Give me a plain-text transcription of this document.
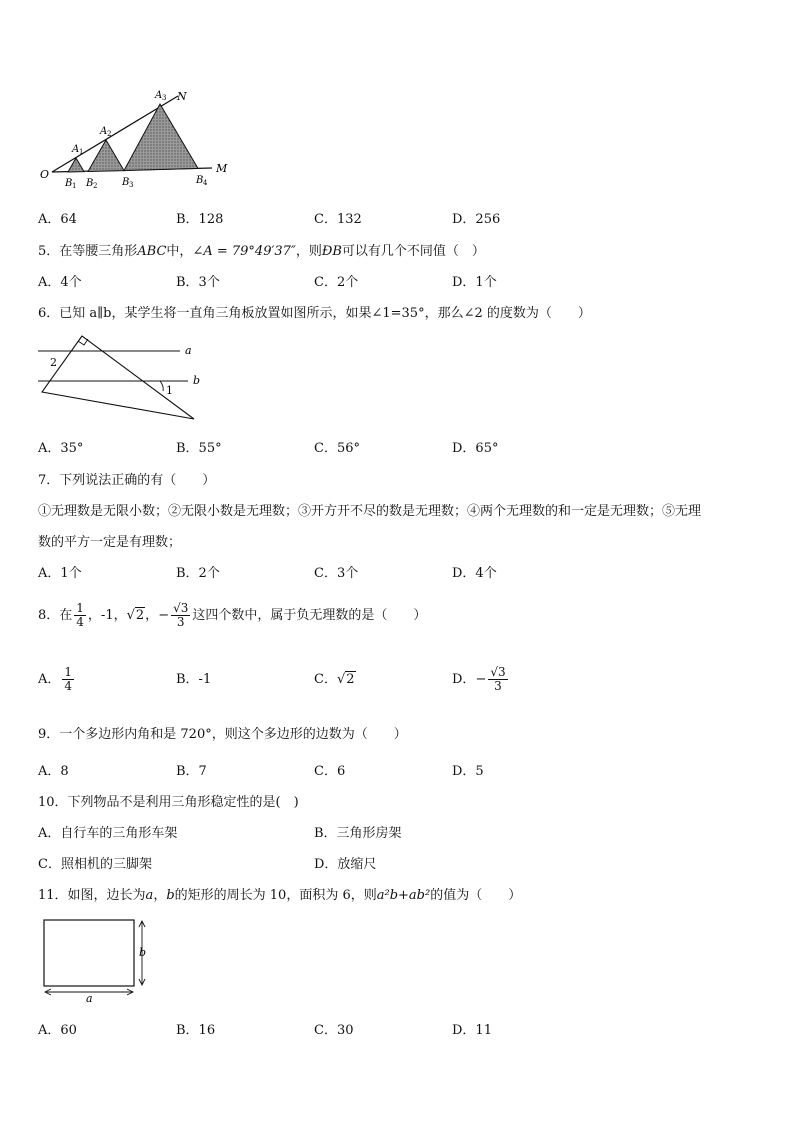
O	M
N
A 1
A 2
A 3
B 1 B 2 B 3	B 4
A．64	B．128	C．132	D．256
5．在等腰三角形ABC中，∠A = 79°49′37″，则ÐB可以有几个不同值（　）
A．4个	B．3个	C．2个	D．1个
6．已知 a∥b，某学生将一直角三角板放置如图所示，如果∠1=35°，那么∠2 的度数为（　　）
a
b
1
2
A．35°	B．55°	C．56°	D．65°
7．下列说法正确的有（　　）
①无理数是无限小数；②无限小数是无理数；③开方开不尽的数是无理数；④两个无理数的和一定是无理数；⑤无理
数的平方一定是有理数；
A．1个	B．2个	C．3个	D．4个
8．在 $\frac{1}{4}$ ，-1，√2，− $\frac{√3}{3}$ 这四个数中，属于负无理数的是（　　）
A． $\frac{1}{4}$	B．-1	C．√2	D．− $\frac{√3}{3}$
9．一个多边形内角和是 720°，则这个多边形的边数为（　　）
A．8	B．7	C．6	D．5
10．下列物品不是利用三角形稳定性的是(　)
A．自行车的三角形车架	B．三角形房架
C．照相机的三脚架	D．放缩尺
11．如图，边长为a，b的矩形的周长为 10，面积为 6，则a²b+ab²的值为（　　）
b
a
A．60	B．16	C．30	D．11
